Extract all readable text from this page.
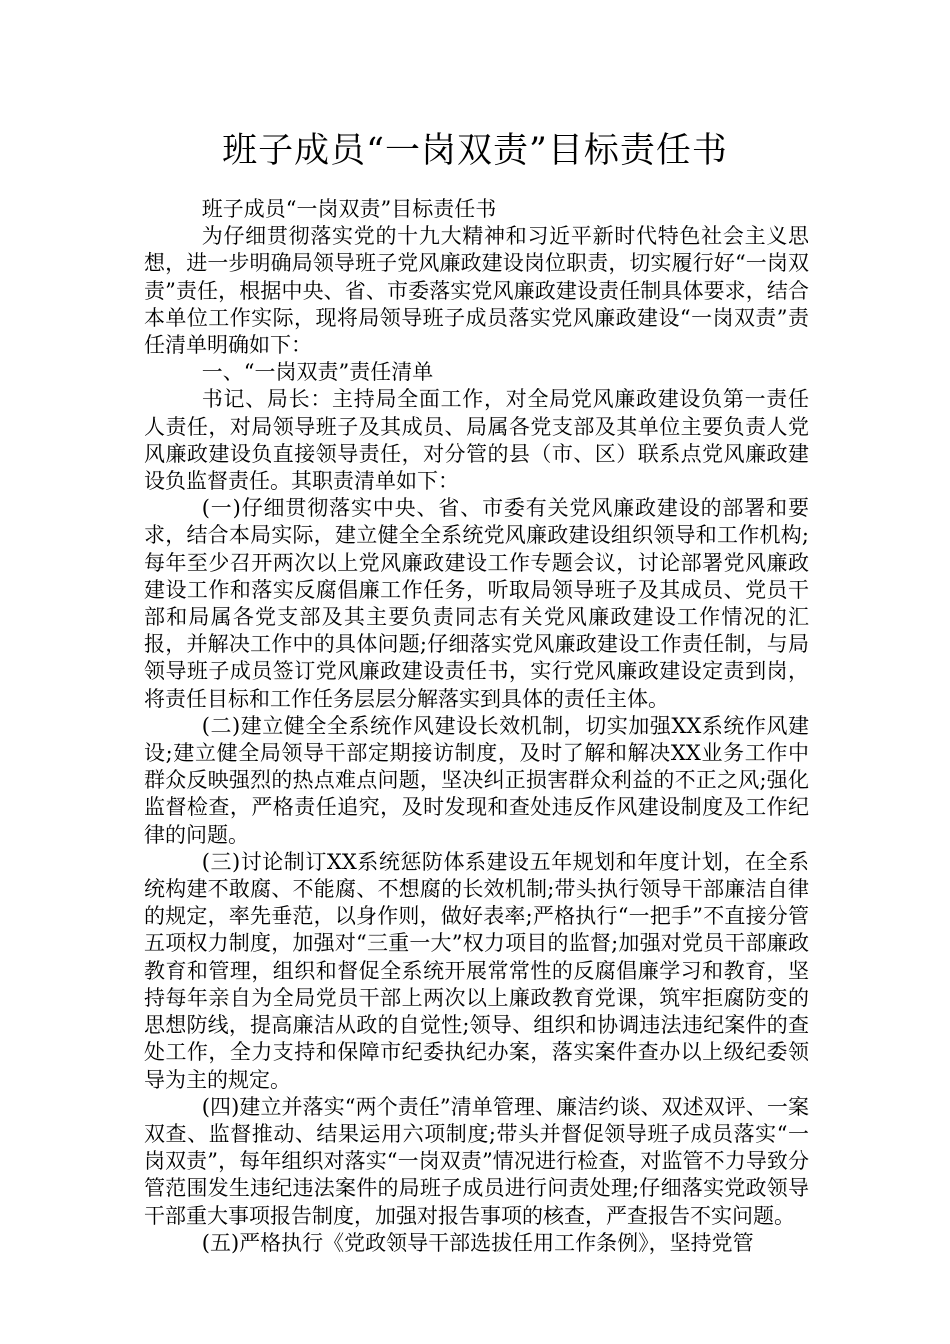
班子成员“一岗双责”目标责任书

班子成员“一岗双责”目标责任书

为仔细贯彻落实党的十九大精神和习近平新时代特色社会主义思想，进一步明确局领导班子党风廉政建设岗位职责，切实履行好“一岗双责”责任，根据中央、省、市委落实党风廉政建设责任制具体要求，结合本单位工作实际，现将局领导班子成员落实党风廉政建设“一岗双责”责任清单明确如下：

一、“一岗双责”责任清单

书记、局长：主持局全面工作，对全局党风廉政建设负第一责任人责任，对局领导班子及其成员、局属各党支部及其单位主要负责人党风廉政建设负直接领导责任，对分管的县（市、区）联系点党风廉政建设负监督责任。其职责清单如下：

(一)仔细贯彻落实中央、省、市委有关党风廉政建设的部署和要求，结合本局实际，建立健全全系统党风廉政建设组织领导和工作机构;每年至少召开两次以上党风廉政建设工作专题会议，讨论部署党风廉政建设工作和落实反腐倡廉工作任务，听取局领导班子及其成员、党员干部和局属各党支部及其主要负责同志有关党风廉政建设工作情况的汇报，并解决工作中的具体问题;仔细落实党风廉政建设工作责任制，与局领导班子成员签订党风廉政建设责任书，实行党风廉政建设定责到岗，将责任目标和工作任务层层分解落实到具体的责任主体。

(二)建立健全全系统作风建设长效机制，切实加强XX系统作风建设;建立健全局领导干部定期接访制度，及时了解和解决XX业务工作中群众反映强烈的热点难点问题，坚决纠正损害群众利益的不正之风;强化监督检查，严格责任追究，及时发现和查处违反作风建设制度及工作纪律的问题。

(三)讨论制订XX系统惩防体系建设五年规划和年度计划，在全系统构建不敢腐、不能腐、不想腐的长效机制;带头执行领导干部廉洁自律的规定，率先垂范，以身作则，做好表率;严格执行“一把手”不直接分管五项权力制度，加强对“三重一大”权力项目的监督;加强对党员干部廉政教育和管理，组织和督促全系统开展常常性的反腐倡廉学习和教育，坚持每年亲自为全局党员干部上两次以上廉政教育党课，筑牢拒腐防变的思想防线，提高廉洁从政的自觉性;领导、组织和协调违法违纪案件的查处工作，全力支持和保障市纪委执纪办案，落实案件查办以上级纪委领导为主的规定。

(四)建立并落实“两个责任”清单管理、廉洁约谈、双述双评、一案双查、监督推动、结果运用六项制度;带头并督促领导班子成员落实“一岗双责”，每年组织对落实“一岗双责”情况进行检查，对监管不力导致分管范围发生违纪违法案件的局班子成员进行问责处理;仔细落实党政领导干部重大事项报告制度，加强对报告事项的核查，严查报告不实问题。

(五)严格执行《党政领导干部选拔任用工作条例》，坚持党管
